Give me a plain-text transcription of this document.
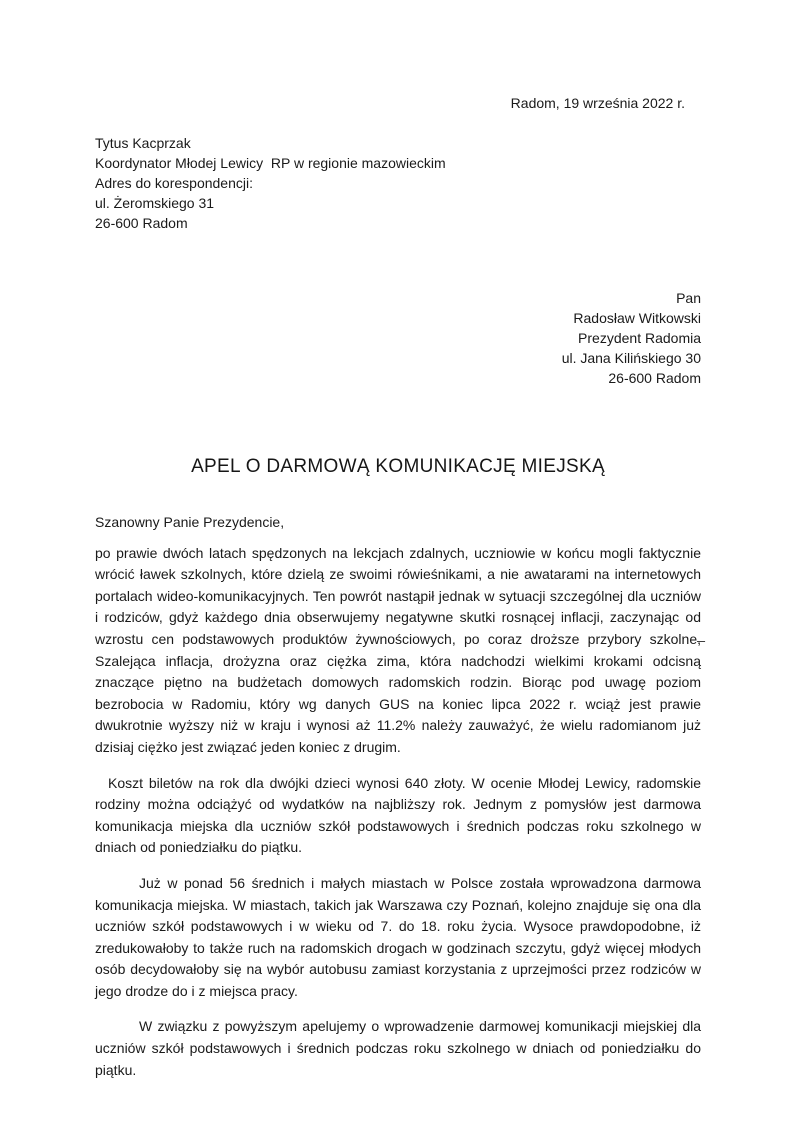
Radom, 19 września 2022 r.
Tytus Kacprzak
Koordynator Młodej Lewicy  RP w regionie mazowieckim
Adres do korespondencji:
ul. Żeromskiego 31
26-600 Radom
Pan
Radosław Witkowski
Prezydent Radomia
ul. Jana Kilińskiego 30
26-600 Radom
APEL O DARMOWĄ KOMUNIKACJĘ MIEJSKĄ
Szanowny Panie Prezydencie,

po prawie dwóch latach spędzonych na lekcjach zdalnych, uczniowie w końcu mogli faktycznie wrócić ławek szkolnych, które dzielą ze swoimi rówieśnikami, a nie awatarami na internetowych portalach wideo-komunikacyjnych. Ten powrót nastąpił jednak w sytuacji szczególnej dla uczniów i rodziców, gdyż każdego dnia obserwujemy negatywne skutki rosnącej inflacji, zaczynając od wzrostu cen podstawowych produktów żywnościowych, po coraz droższe przybory szkolne,̶ Szalejąca inflacja, drożyzna oraz ciężka zima, która nadchodzi wielkimi krokami odcisną znaczące piętno na budżetach domowych radomskich rodzin. Biorąc pod uwagę poziom bezrobocia w Radomiu, który wg danych GUS na koniec lipca 2022 r. wciąż jest prawie dwukrotnie wyższy niż w kraju i wynosi aż 11.2% należy zauważyć, że wielu radomianom już dzisiaj ciężko jest związać jeden koniec z drugim.

Koszt biletów na rok dla dwójki dzieci wynosi 640 złoty. W ocenie Młodej Lewicy, radomskie rodziny można odciążyć od wydatków na najbliższy rok. Jednym z pomysłów jest darmowa komunikacja miejska dla uczniów szkół podstawowych i średnich podczas roku szkolnego w dniach od poniedziałku do piątku.

Już w ponad 56 średnich i małych miastach w Polsce została wprowadzona darmowa komunikacja miejska. W miastach, takich jak Warszawa czy Poznań, kolejno znajduje się ona dla uczniów szkół podstawowych i w wieku od 7. do 18. roku życia. Wysoce prawdopodobne, iż zredukowałoby to także ruch na radomskich drogach w godzinach szczytu, gdyż więcej młodych osób decydowałoby się na wybór autobusu zamiast korzystania z uprzejmości przez rodziców w jego drodze do i z miejsca pracy.

W związku z powyższym apelujemy o wprowadzenie darmowej komunikacji miejskiej dla uczniów szkół podstawowych i średnich podczas roku szkolnego w dniach od poniedziałku do piątku.
